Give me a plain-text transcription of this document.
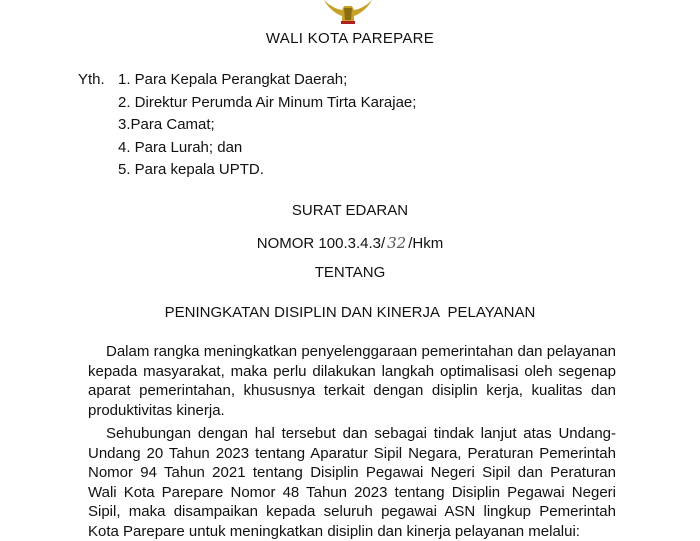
WALI KOTA PAREPARE
Yth. 1. Para Kepala Perangkat Daerah;
2. Direktur Perumda Air Minum Tirta Karajae;
3.Para Camat;
4. Para Lurah; dan
5. Para kepala UPTD.
SURAT EDARAN
NOMOR 100.3.4.3/ 32 /Hkm
TENTANG
PENINGKATAN DISIPLIN DAN KINERJA  PELAYANAN

Dalam rangka meningkatkan penyelenggaraan pemerintahan dan pelayanan kepada masyarakat, maka perlu dilakukan langkah optimalisasi oleh segenap aparat pemerintahan, khususnya terkait dengan disiplin kerja, kualitas dan produktivitas kinerja.

Sehubungan dengan hal tersebut dan sebagai tindak lanjut atas Undang-Undang 20 Tahun 2023 tentang Aparatur Sipil Negara, Peraturan Pemerintah Nomor 94 Tahun 2021 tentang Disiplin Pegawai Negeri Sipil dan Peraturan Wali Kota Parepare Nomor 48 Tahun 2023 tentang Disiplin Pegawai Negeri Sipil, maka disampaikan kepada seluruh pegawai ASN lingkup Pemerintah Kota Parepare untuk meningkatkan disiplin dan kinerja pelayanan melalui:
